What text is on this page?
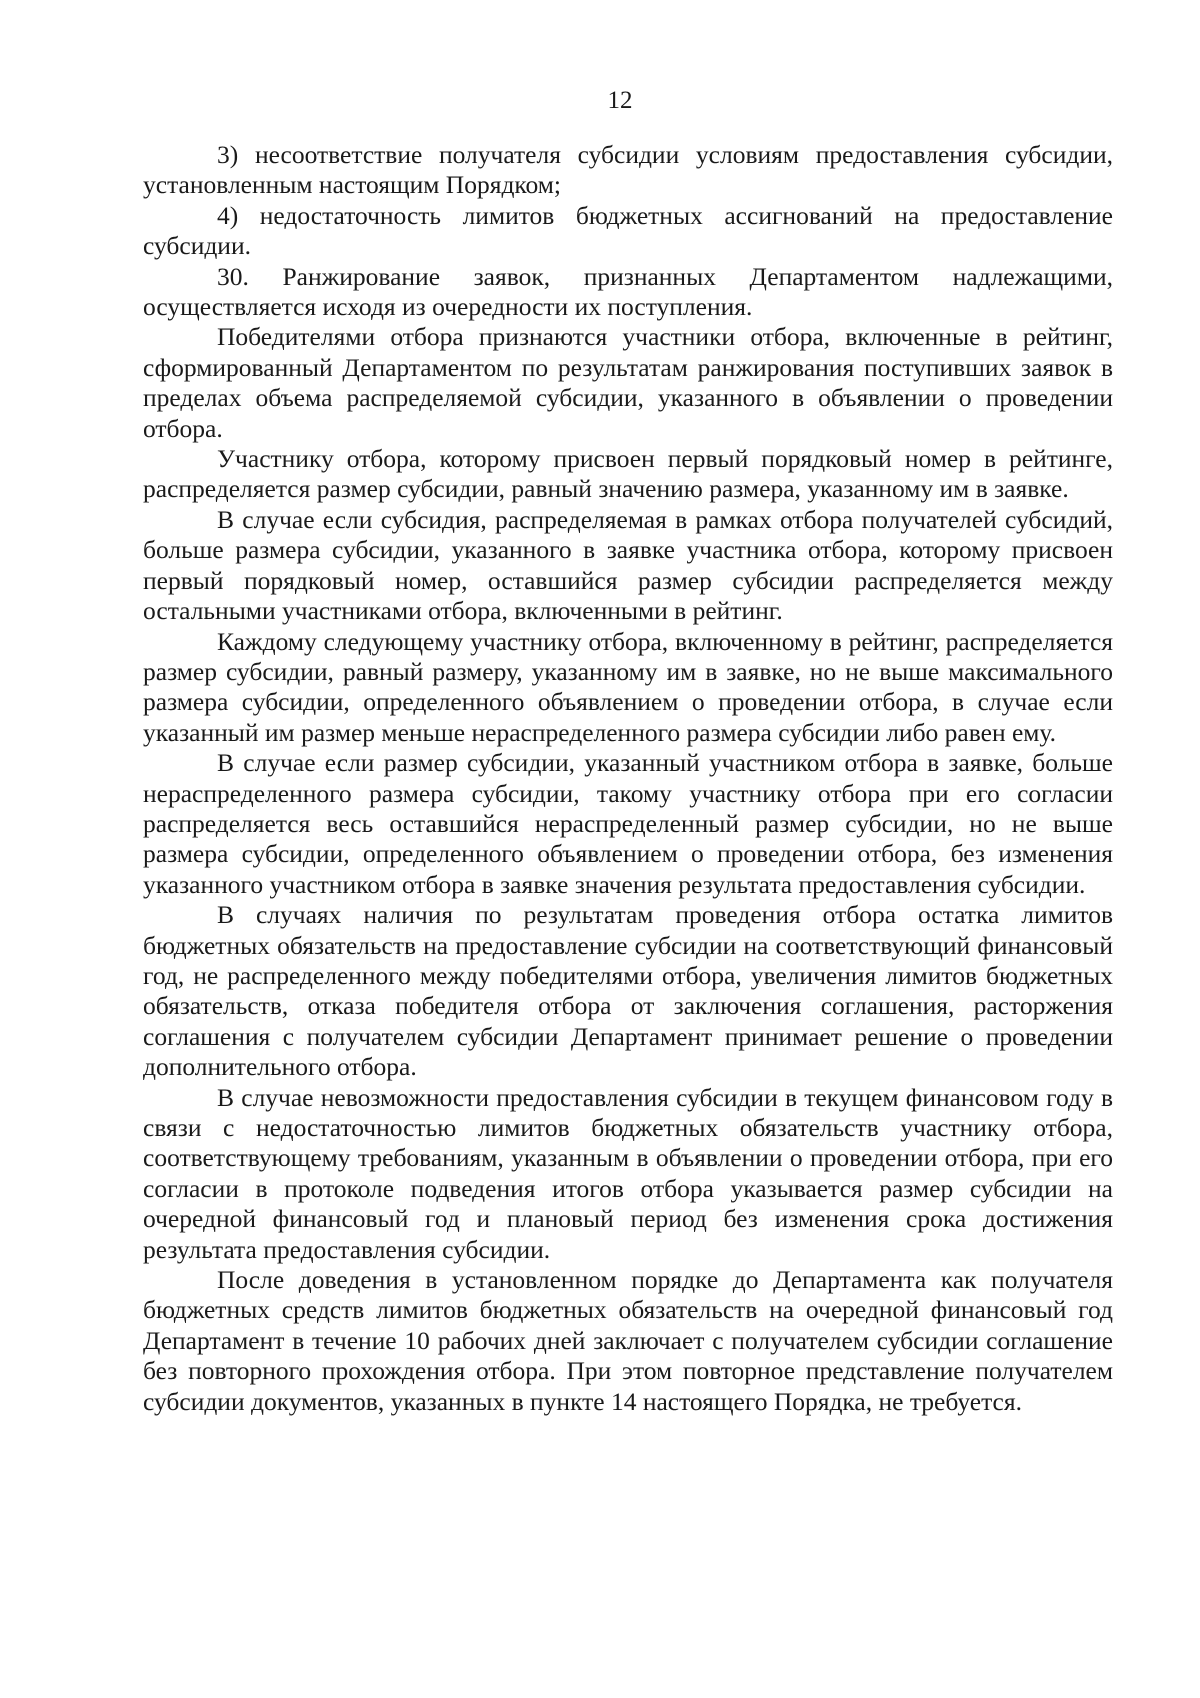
12

3) несоответствие получателя субсидии условиям предоставления субсидии, установленным настоящим Порядком;

4) недостаточность лимитов бюджетных ассигнований на предоставление субсидии.

30. Ранжирование заявок, признанных Департаментом надлежащими, осуществляется исходя из очередности их поступления.

Победителями отбора признаются участники отбора, включенные в рейтинг, сформированный Департаментом по результатам ранжирования поступивших заявок в пределах объема распределяемой субсидии, указанного в объявлении о проведении отбора.

Участнику отбора, которому присвоен первый порядковый номер в рейтинге, распределяется размер субсидии, равный значению размера, указанному им в заявке.

В случае если субсидия, распределяемая в рамках отбора получателей субсидий, больше размера субсидии, указанного в заявке участника отбора, которому присвоен первый порядковый номер, оставшийся размер субсидии распределяется между остальными участниками отбора, включенными в рейтинг.

Каждому следующему участнику отбора, включенному в рейтинг, распределяется размер субсидии, равный размеру, указанному им в заявке, но не выше максимального размера субсидии, определенного объявлением о проведении отбора, в случае если указанный им размер меньше нераспределенного размера субсидии либо равен ему.

В случае если размер субсидии, указанный участником отбора в заявке, больше нераспределенного размера субсидии, такому участнику отбора при его согласии распределяется весь оставшийся нераспределенный размер субсидии, но не выше размера субсидии, определенного объявлением о проведении отбора, без изменения указанного участником отбора в заявке значения результата предоставления субсидии.

В случаях наличия по результатам проведения отбора остатка лимитов бюджетных обязательств на предоставление субсидии на соответствующий финансовый год, не распределенного между победителями отбора, увеличения лимитов бюджетных обязательств, отказа победителя отбора от заключения соглашения, расторжения соглашения с получателем субсидии Департамент принимает решение о проведении дополнительного отбора.

В случае невозможности предоставления субсидии в текущем финансовом году в связи с недостаточностью лимитов бюджетных обязательств участнику отбора, соответствующему требованиям, указанным в объявлении о проведении отбора, при его согласии в протоколе подведения итогов отбора указывается размер субсидии на очередной финансовый год и плановый период без изменения срока достижения результата предоставления субсидии.

После доведения в установленном порядке до Департамента как получателя бюджетных средств лимитов бюджетных обязательств на очередной финансовый год Департамент в течение 10 рабочих дней заключает с получателем субсидии соглашение без повторного прохождения отбора. При этом повторное представление получателем субсидии документов, указанных в пункте 14 настоящего Порядка, не требуется.
